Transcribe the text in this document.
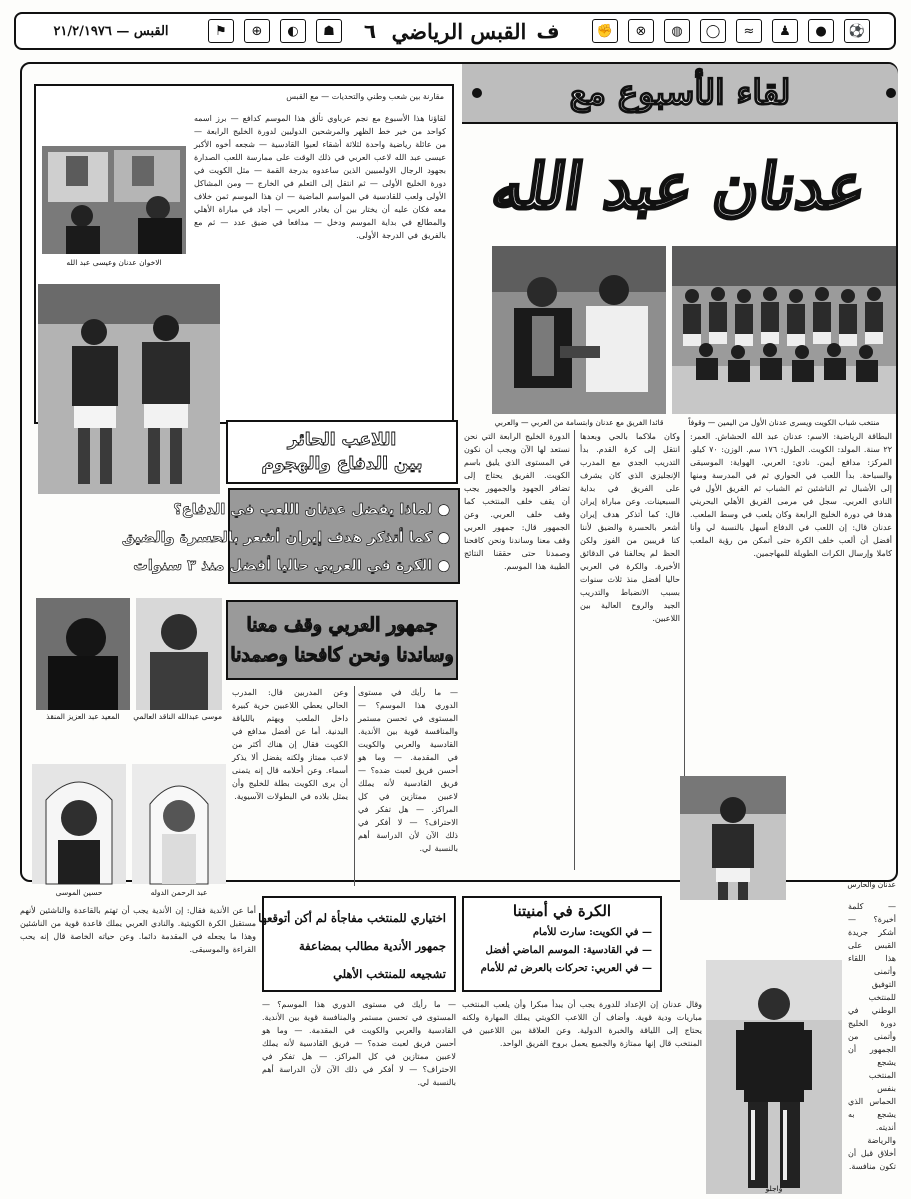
⚽
●
♟
≈
◯
◍
⊗
✊
ف
القبس الرياضي
٦
☗
◐
⊕
⚑
القبس — ٢١/٢/١٩٧٦
لقاء الأسبوع مع
عدنان عبد الله
مقارنة بين شعب وطني والتحديات — مع القبس
لقاؤنا هذا الأسبوع مع نجم عرباوي تألق هذا الموسم كدافع — برز اسمه كواحد من خير خط الظهر والمرشحين الدوليين لدورة الخليج الرابعة — من عائلة رياضية واحدة لثلاثة أشقاء لعبوا القادسية — شجعه أخوه الأكبر عيسى عبد الله لاعب العربي في ذلك الوقت على ممارسة اللعب الصدارة بجهود الرجال الاولمبيين الذين ساعدوه بدرجة القمة — مثل الكويت في دورة الخليج الأولى — ثم انتقل إلى التعلم في الخارج — ومن المشاكل الأولى ولعب للقادسية في المواسم الماضية — ان هذا الموسم ثمن خلاف معه فكان عليه أن يختار بين أن يغادر العربي — أجاد في مباراة الأهلي والمطالع في بداية الموسم ودخل — مدافعا في ضيق عدد — ثم مع بالفريق في الدرجة الأولى.
الاخوان عدنان وعيسى عبد الله
منتخب شباب الكويت ويسرى عدنان الأول من اليمين — وقوفاً
قائدا الفريق مع عدنان وابتسامة من العربي — والعربي
البطاقة الرياضية: الاسم: عدنان عبد الله الحشاش. العمر: ٢٢ سنة. المولد: الكويت. الطول: ١٧٦ سم. الوزن: ٧٠ كيلو. المركز: مدافع أيمن. نادي: العربي. الهواية: الموسيقى والسباحة. بدأ اللعب في الحواري ثم في المدرسة ومنها إلى الأشبال ثم الناشئين ثم الشباب ثم الفريق الأول في النادي العربي. سجل في مرمى الفريق الأهلي البحريني هدفا في دورة الخليج الرابعة وكان يلعب في وسط الملعب. عدنان قال: إن اللعب في الدفاع أسهل بالنسبة لي وأنا أفضل أن ألعب خلف الكرة حتى أتمكن من رؤية الملعب كاملا وإرسال الكرات الطويلة للمهاجمين.
وكان ملاكما بالحي وبعدها انتقل إلى كرة القدم. بدأ التدريب الجدي مع المدرب الإنجليزي الذي كان يشرف على الفريق في بداية السبعينات. وعن مباراة إيران قال: كما أتذكر هدف إيران أشعر بالحسرة والضيق لأننا كنا قريبين من الفوز ولكن الحظ لم يحالفنا في الدقائق الأخيرة. والكرة في العربي حاليا أفضل منذ ثلاث سنوات بسبب الانضباط والتدريب الجيد والروح العالية بين اللاعبين.
الدورة الخليج الرابعة التي نحن نستعد لها الآن ويجب أن نكون في المستوى الذي يليق باسم الكويت. الفريق يحتاج إلى تضافر الجهود والجمهور يجب أن يقف خلف المنتخب كما وقف خلف العربي. وعن الجمهور قال: جمهور العربي وقف معنا وساندنا ونحن كافحنا وصمدنا حتى حققنا النتائج الطيبة هذا الموسم.
اللاعب الحائر
بين الدفاع والهجوم
● لماذا يفضل عدنان اللعب في الدفاع؟
● كما أتذكر هدف إيران أشعر بالحسرة والضيق
● الكرة في العربي حاليا أفضل منذ ٣ سنوات
موسى عبدالله الناقد العالمي
المعيد عبد العزيز المنقذ
جمهور العربي وقف معنا
وساندنا ونحن كافحنا وصمدنا
عبد الرحمن الدوله
حسين الموسى
وعن المدربين قال: المدرب الحالي يعطي اللاعبين حرية كبيرة داخل الملعب ويهتم باللياقة البدنية. أما عن أفضل مدافع في الكويت فقال إن هناك أكثر من لاعب ممتاز ولكنه يفضل ألا يذكر أسماء. وعن أحلامه قال إنه يتمنى أن يرى الكويت بطلة للخليج وأن يمثل بلاده في البطولات الآسيوية.
— ما رأيك في مستوى الدوري هذا الموسم؟ — المستوى في تحسن مستمر والمنافسة قوية بين الأندية. القادسية والعربي والكويت في المقدمة. — وما هو أحسن فريق لعبت ضده؟ — فريق القادسية لأنه يملك لاعبين ممتازين في كل المراكز. — هل تفكر في الاحتراف؟ — لا أفكر في ذلك الآن لأن الدراسة أهم بالنسبة لي.
عدنان والحارس
الكرة في أمنيتنا
— في الكويت: سارت للأمام
— في القادسية: الموسم الماضي أفضل
— في العربي: تحركات بالعرض ثم للأمام
اختياري للمنتخب مفاجأة لم أكن أتوقعها
جمهور الأندية مطالب بمضاعفة
تشجيعه للمنتخب الأهلي
واجلو
— كلمة أخيرة؟ — أشكر جريدة القبس على هذا اللقاء وأتمنى التوفيق للمنتخب الوطني في دورة الخليج وأتمنى من الجمهور أن يشجع المنتخب بنفس الحماس الذي يشجع به أنديته. والرياضة أخلاق قبل أن تكون منافسة.
وقال عدنان إن الإعداد للدورة يجب أن يبدأ مبكرا وأن يلعب المنتخب مباريات ودية قوية. وأضاف أن اللاعب الكويتي يملك المهارة ولكنه يحتاج إلى اللياقة والخبرة الدولية. وعن العلاقة بين اللاعبين في المنتخب قال إنها ممتازة والجميع يعمل بروح الفريق الواحد.
أما عن الأندية فقال: إن الأندية يجب أن تهتم بالقاعدة والناشئين لأنهم مستقبل الكرة الكويتية. والنادي العربي يملك قاعدة قوية من الناشئين وهذا ما يجعله في المقدمة دائما. وعن حياته الخاصة قال إنه يحب القراءة والموسيقى.
— ما رأيك في مستوى الدوري هذا الموسم؟ — المستوى في تحسن مستمر والمنافسة قوية بين الأندية. القادسية والعربي والكويت في المقدمة. — وما هو أحسن فريق لعبت ضده؟ — فريق القادسية لأنه يملك لاعبين ممتازين في كل المراكز. — هل تفكر في الاحتراف؟ — لا أفكر في ذلك الآن لأن الدراسة أهم بالنسبة لي.
